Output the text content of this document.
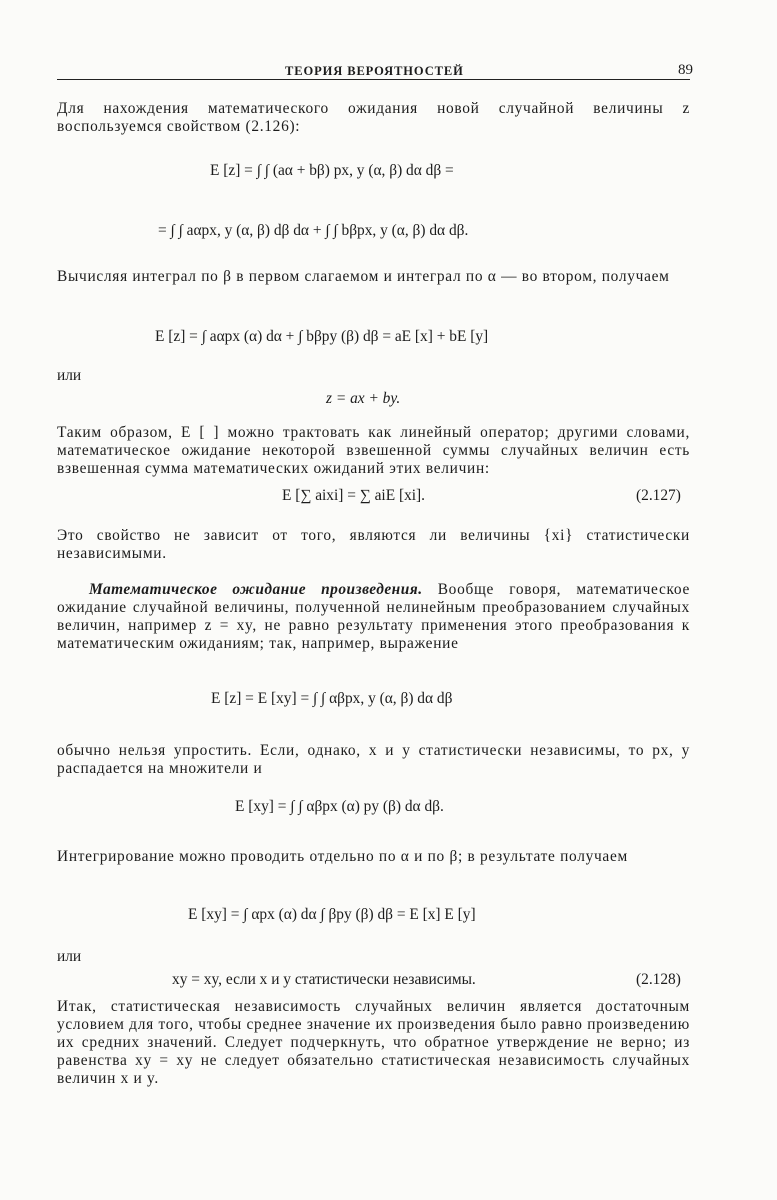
ТЕОРИЯ ВЕРОЯТНОСТЕЙ	89
Для нахождения математического ожидания новой случайной величины z воспользуемся свойством (2.126):
E [z] = ∫ ∫ (aα + bβ) px, y (α, β) dα dβ =
= ∫ ∫ aαpx, y (α, β) dβ dα + ∫ ∫ bβpx, y (α, β) dα dβ.
Вычисляя интеграл по β в первом слагаемом и интеграл по α — во втором, получаем
E [z] = ∫ aαpx (α) dα + ∫ bβpy (β) dβ = aE [x] + bE [y]
или
z = ax + by.
Таким образом, E [ ] можно трактовать как линейный оператор; другими словами, математическое ожидание некоторой взвешенной суммы случайных величин есть взвешенная сумма математических ожиданий этих величин:
E [∑ aixi] = ∑ aiE [xi].	(2.127)
Это свойство не зависит от того, являются ли величины {xi} статистически независимыми.
Математическое ожидание произведения. Вообще говоря, математическое ожидание случайной величины, полученной нелинейным преобразованием случайных величин, например z = xy, не равно результату применения этого преобразования к математическим ожиданиям; так, например, выражение
E [z] = E [xy] = ∫ ∫ αβpx, y (α, β) dα dβ
обычно нельзя упростить. Если, однако, x и y статистически независимы, то px, y распадается на множители и
E [xy] = ∫ ∫ αβpx (α) py (β) dα dβ.
Интегрирование можно проводить отдельно по α и по β; в результате получаем
E [xy] = ∫ αpx (α) dα ∫ βpy (β) dβ = E [x] E [y]
или
xy = xy, если x и y статистически независимы.	(2.128)
Итак, статистическая независимость случайных величин является достаточным условием для того, чтобы среднее значение их произведения было равно произведению их средних значений. Следует подчеркнуть, что обратное утверждение не верно; из равенства xy = xy не следует обязательно статистическая независимость случайных величин x и y.
